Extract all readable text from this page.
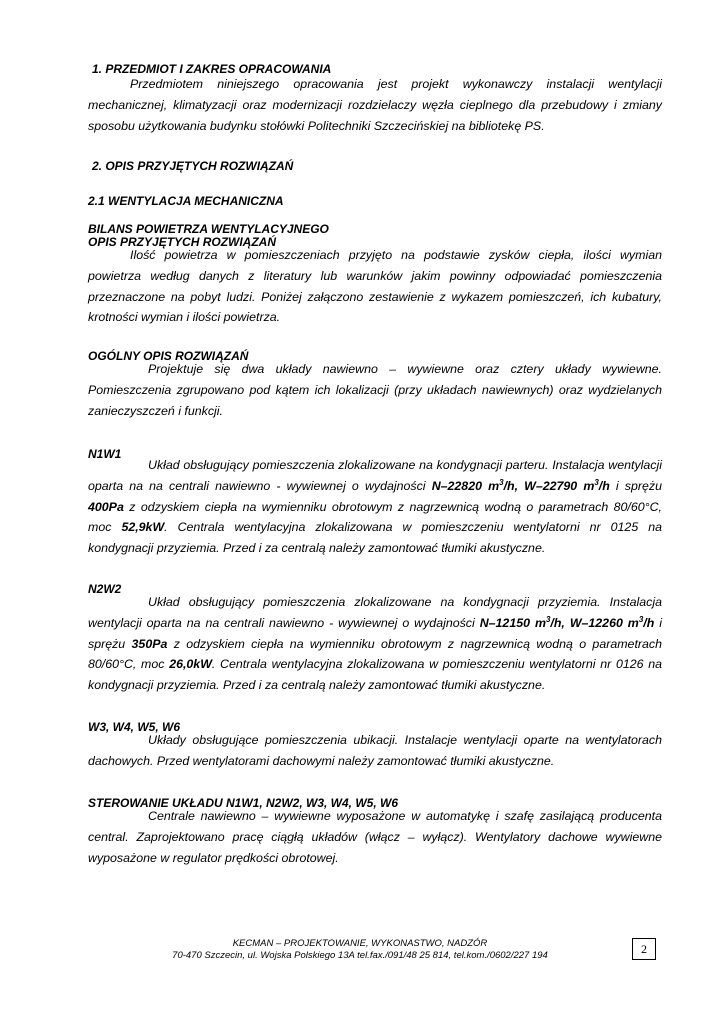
1. PRZEDMIOT I ZAKRES OPRACOWANIA

Przedmiotem niniejszego opracowania jest projekt wykonawczy instalacji wentylacji mechanicznej, klimatyzacji oraz modernizacji rozdzielaczy węzła cieplnego dla przebudowy i zmiany sposobu użytkowania budynku stołówki Politechniki Szczecińskiej na bibliotekę PS.

2. OPIS PRZYJĘTYCH ROZWIĄZAŃ
2.1 WENTYLACJA MECHANICZNA
BILANS POWIETRZA WENTYLACYJNEGO
OPIS PRZYJĘTYCH ROZWIĄZAŃ

Ilość powietrza w pomieszczeniach przyjęto na podstawie zysków ciepła, ilości wymian powietrza według danych z literatury lub warunków jakim powinny odpowiadać pomieszczenia przeznaczone na pobyt ludzi. Poniżej załączono zestawienie z wykazem pomieszczeń, ich kubatury, krotności wymian i ilości powietrza.

OGÓLNY OPIS ROZWIĄZAŃ

Projektuje się dwa układy nawiewno – wywiewne oraz cztery układy wywiewne. Pomieszczenia zgrupowano pod kątem ich lokalizacji (przy układach nawiewnych) oraz wydzielanych zanieczyszczeń i funkcji.

N1W1

Układ obsługujący pomieszczenia zlokalizowane na kondygnacji parteru. Instalacja wentylacji oparta na na centrali nawiewno - wywiewnej o wydajności N–22820 $m^3/h$, W–22790 $m^3/h$ i sprężu 400Pa z odzyskiem ciepła na wymienniku obrotowym z nagrzewnicą wodną o parametrach 80/60°C, moc 52,9kW. Centrala wentylacyjna zlokalizowana w pomieszczeniu wentylatorni nr 0125 na kondygnacji przyziemia. Przed i za centralą należy zamontować tłumiki akustyczne.

N2W2

Układ obsługujący pomieszczenia zlokalizowane na kondygnacji przyziemia. Instalacja wentylacji oparta na na centrali nawiewno - wywiewnej o wydajności N–12150 $m^3/h$, W–12260 $m^3/h$ i sprężu 350Pa z odzyskiem ciepła na wymienniku obrotowym z nagrzewnicą wodną o parametrach 80/60°C, moc 26,0kW. Centrala wentylacyjna zlokalizowana w pomieszczeniu wentylatorni nr 0126 na kondygnacji przyziemia. Przed i za centralą należy zamontować tłumiki akustyczne.

W3, W4, W5, W6

Układy obsługujące pomieszczenia ubikacji. Instalacje wentylacji oparte na wentylatorach dachowych. Przed wentylatorami dachowymi należy zamontować tłumiki akustyczne.

STEROWANIE UKŁADU N1W1, N2W2, W3, W4, W5, W6

Centrale nawiewno – wywiewne wyposażone w automatykę i szafę zasilającą producenta central. Zaprojektowano pracę ciągłą układów (włącz – wyłącz). Wentylatory dachowe wywiewne wyposażone w regulator prędkości obrotowej.

KECMAN – PROJEKTOWANIE, WYKONASTWO, NADZÓR
70-470 Szczecin, ul. Wojska Polskiego 13A tel.fax./091/48 25 814, tel.kom./0602/227 194	2
